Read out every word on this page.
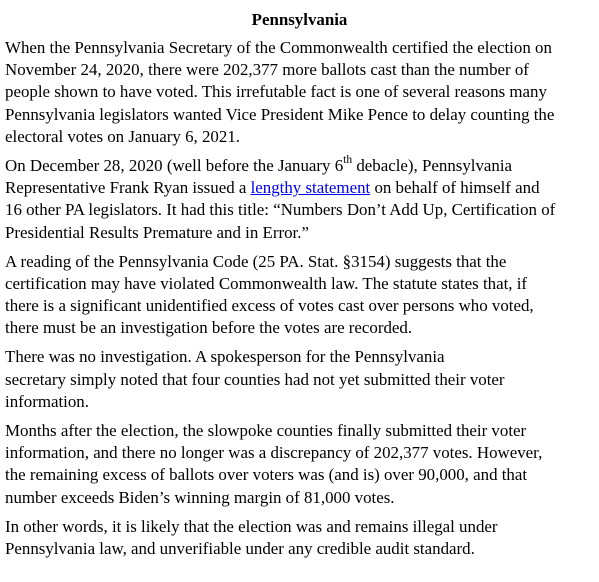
Pennsylvania
When the Pennsylvania Secretary of the Commonwealth certified the election on
November 24, 2020, there were 202,377 more ballots cast than the number of
people shown to have voted. This irrefutable fact is one of several reasons many
Pennsylvania legislators wanted Vice President Mike Pence to delay counting the
electoral votes on January 6, 2021.
On December 28, 2020 (well before the January 6th debacle), Pennsylvania
Representative Frank Ryan issued a lengthy statement on behalf of himself and
16 other PA legislators. It had this title: “Numbers Don’t Add Up, Certification of
Presidential Results Premature and in Error.”
A reading of the Pennsylvania Code (25 PA. Stat. §3154) suggests that the
certification may have violated Commonwealth law. The statute states that, if
there is a significant unidentified excess of votes cast over persons who voted,
there must be an investigation before the votes are recorded.
There was no investigation. A spokesperson for the Pennsylvania
secretary simply noted that four counties had not yet submitted their voter
information.
Months after the election, the slowpoke counties finally submitted their voter
information, and there no longer was a discrepancy of 202,377 votes. However,
the remaining excess of ballots over voters was (and is) over 90,000, and that
number exceeds Biden’s winning margin of 81,000 votes.
In other words, it is likely that the election was and remains illegal under
Pennsylvania law, and unverifiable under any credible audit standard.
